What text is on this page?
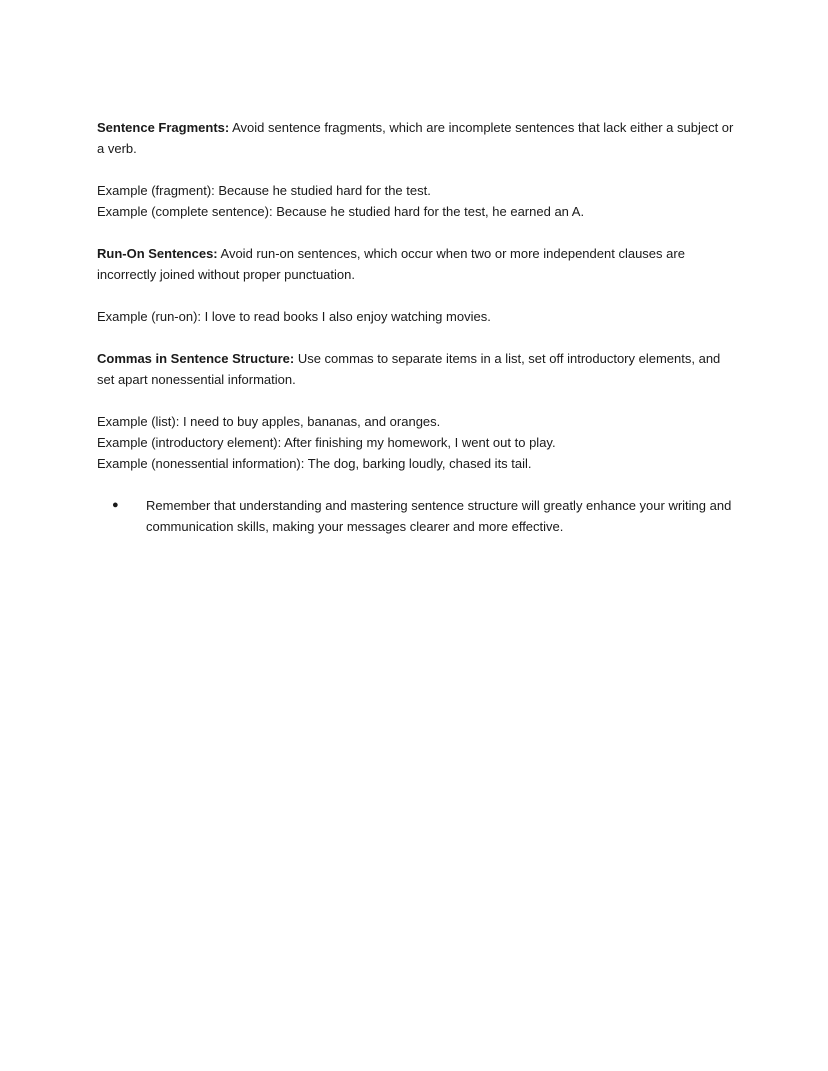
Sentence Fragments: Avoid sentence fragments, which are incomplete sentences that lack either a subject or a verb.

Example (fragment): Because he studied hard for the test.
Example (complete sentence): Because he studied hard for the test, he earned an A.

Run-On Sentences: Avoid run-on sentences, which occur when two or more independent clauses are incorrectly joined without proper punctuation.

Example (run-on): I love to read books I also enjoy watching movies.

Commas in Sentence Structure: Use commas to separate items in a list, set off introductory elements, and set apart nonessential information.

Example (list): I need to buy apples, bananas, and oranges.
Example (introductory element): After finishing my homework, I went out to play.
Example (nonessential information): The dog, barking loudly, chased its tail.
● Remember that understanding and mastering sentence structure will greatly enhance your writing and communication skills, making your messages clearer and more effective.
